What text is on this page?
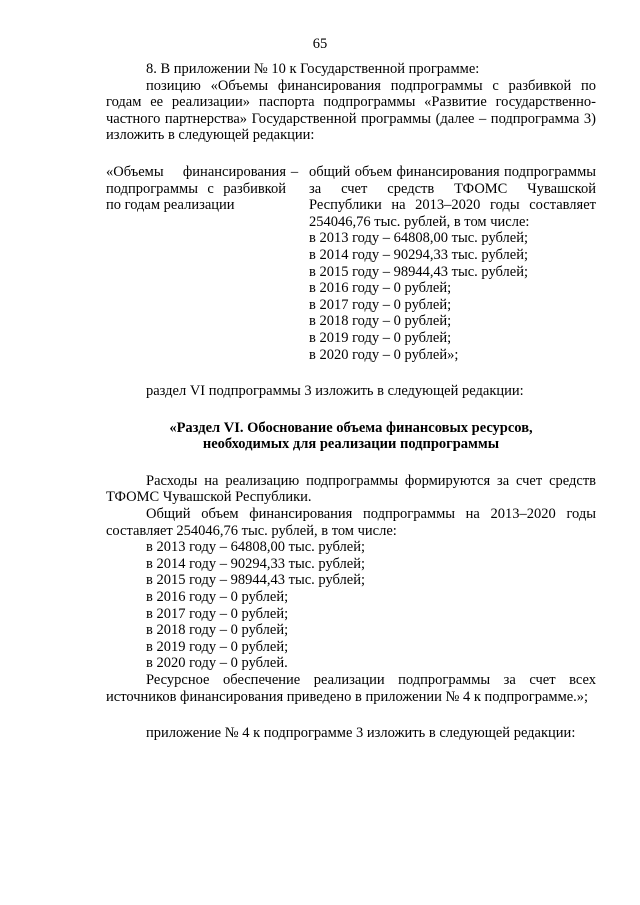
65

8. В приложении № 10 к Государственной программе:

позицию «Объемы финансирования подпрограммы с разбивкой по годам ее реализации» паспорта подпрограммы «Развитие государственно-частного партнерства» Государственной программы (далее – подпрограмма 3) изложить в следующей редакции:

«Объемы финансирования подпрограммы с разбивкой по годам реализации
– общий объем финансирования подпрограммы за счет средств ТФОМС Чувашской Республики на 2013–2020 годы составляет 254046,76 тыс. рублей, в том числе:
в 2013 году – 64808,00 тыс. рублей;
в 2014 году – 90294,33 тыс. рублей;
в 2015 году – 98944,43 тыс. рублей;
в 2016 году – 0 рублей;
в 2017 году – 0 рублей;
в 2018 году – 0 рублей;
в 2019 году – 0 рублей;
в 2020 году – 0 рублей»;

раздел VI подпрограммы 3 изложить в следующей редакции:

«Раздел VI. Обоснование объема финансовых ресурсов,
необходимых для реализации подпрограммы

Расходы на реализацию подпрограммы формируются за счет средств ТФОМС Чувашской Республики.

Общий объем финансирования подпрограммы на 2013–2020 годы составляет 254046,76 тыс. рублей, в том числе:

в 2013 году – 64808,00 тыс. рублей;
в 2014 году – 90294,33 тыс. рублей;
в 2015 году – 98944,43 тыс. рублей;
в 2016 году – 0 рублей;
в 2017 году – 0 рублей;
в 2018 году – 0 рублей;
в 2019 году – 0 рублей;
в 2020 году – 0 рублей.

Ресурсное обеспечение реализации подпрограммы за счет всех источников финансирования приведено в приложении № 4 к подпрограмме.»;

приложение № 4 к подпрограмме 3 изложить в следующей редакции:
